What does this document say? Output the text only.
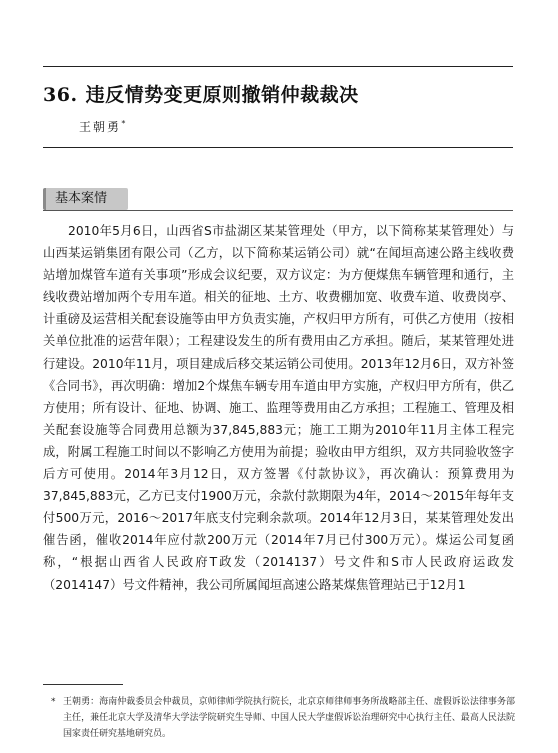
36. 违反情势变更原则撤销仲裁裁决
王朝勇*
基本案情
2010年5月6日，山西省S市盐湖区某某管理处（甲方，以下简称某某管理处）与山西某运销集团有限公司（乙方，以下简称某运销公司）就“在闻垣高速公路主线收费站增加煤管车道有关事项”形成会议纪要，双方议定：为方便煤焦车辆管理和通行，主线收费站增加两个专用车道。相关的征地、土方、收费棚加宽、收费车道、收费岗亭、计重磅及运营相关配套设施等由甲方负责实施，产权归甲方所有，可供乙方使用（按相关单位批准的运营年限）；工程建设发生的所有费用由乙方承担。随后，某某管理处进行建设。2010年11月，项目建成后移交某运销公司使用。2013年12月6日，双方补签《合同书》，再次明确：增加2个煤焦车辆专用车道由甲方实施，产权归甲方所有，供乙方使用；所有设计、征地、协调、施工、监理等费用由乙方承担；工程施工、管理及相关配套设施等合同费用总额为37,845,883元；施工工期为2010年11月主体工程完成，附属工程施工时间以不影响乙方使用为前提；验收由甲方组织，双方共同验收签字后方可使用。2014年3月12日，双方签署《付款协议》，再次确认：预算费用为37,845,883元，乙方已支付1900万元，余款付款期限为4年，2014～2015年每年支付500万元，2016～2017年底支付完剩余款项。2014年12月3日，某某管理处发出催告函，催收2014年应付款200万元（2014年7月已付300万元）。煤运公司复函称，“根据山西省人民政府T政发（2014137）号文件和S市人民政府运政发（2014147）号文件精神，我公司所属闻垣高速公路某煤焦管理站已于12月1
* 王朝勇：海南仲裁委员会仲裁员，京师律师学院执行院长，北京京师律师事务所战略部主任、虚假诉讼法律事务部主任，兼任北京大学及清华大学法学院研究生导师、中国人民大学虚假诉讼治理研究中心执行主任、最高人民法院国家责任研究基地研究员。
